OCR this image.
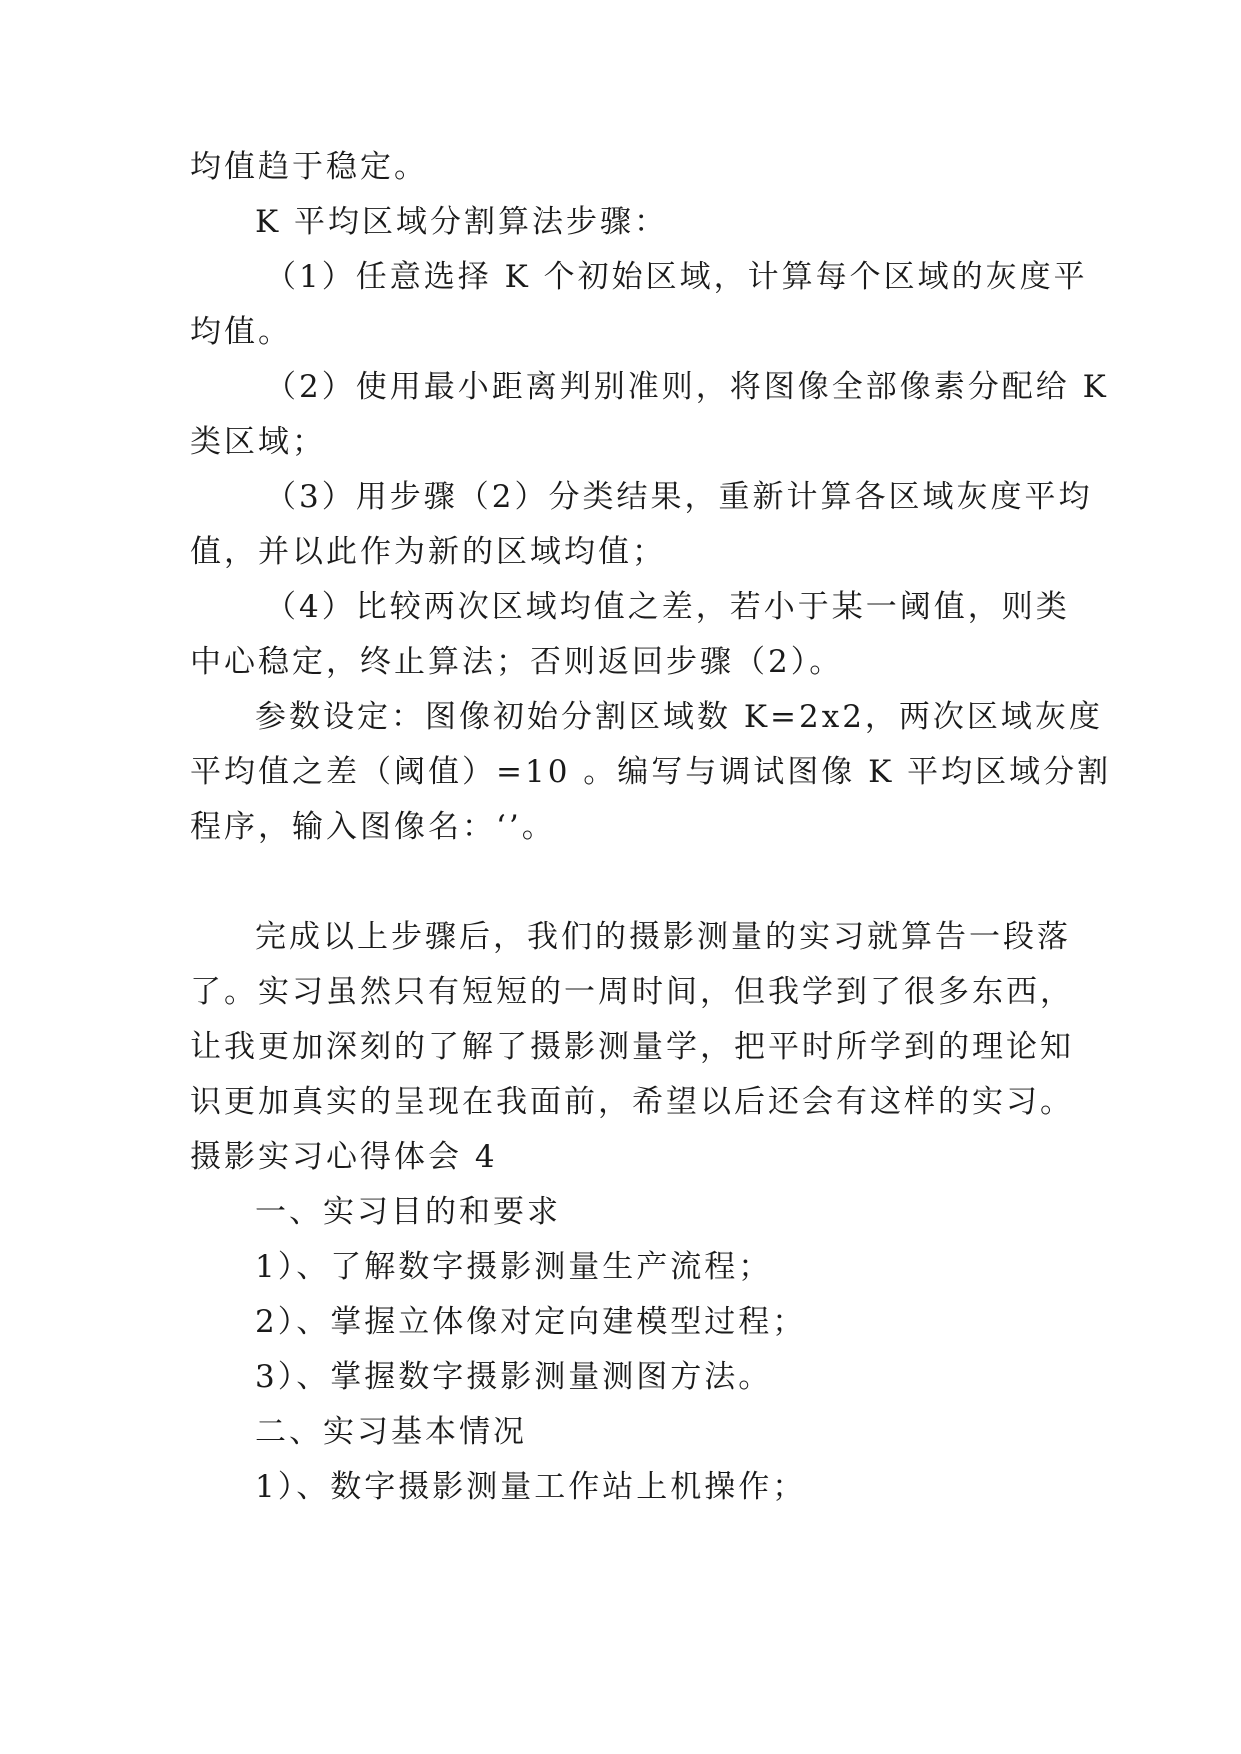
均值趋于稳定。
K 平均区域分割算法步骤：
（1）任意选择 K 个初始区域，计算每个区域的灰度平
均值。
（2）使用最小距离判别准则，将图像全部像素分配给 K
类区域；
（3）用步骤（2）分类结果，重新计算各区域灰度平均
值，并以此作为新的区域均值；
（4）比较两次区域均值之差，若小于某一阈值，则类
中心稳定，终止算法；否则返回步骤（2）。
参数设定：图像初始分割区域数 K=2x2，两次区域灰度
平均值之差（阈值）=10 。编写与调试图像 K 平均区域分割
程序，输入图像名：‘’。
完成以上步骤后，我们的摄影测量的实习就算告一段落
了。实习虽然只有短短的一周时间，但我学到了很多东西，
让我更加深刻的了解了摄影测量学，把平时所学到的理论知
识更加真实的呈现在我面前，希望以后还会有这样的实习。
摄影实习心得体会 4
一、实习目的和要求
1）、了解数字摄影测量生产流程；
2）、掌握立体像对定向建模型过程；
3）、掌握数字摄影测量测图方法。
二、实习基本情况
1）、数字摄影测量工作站上机操作；
